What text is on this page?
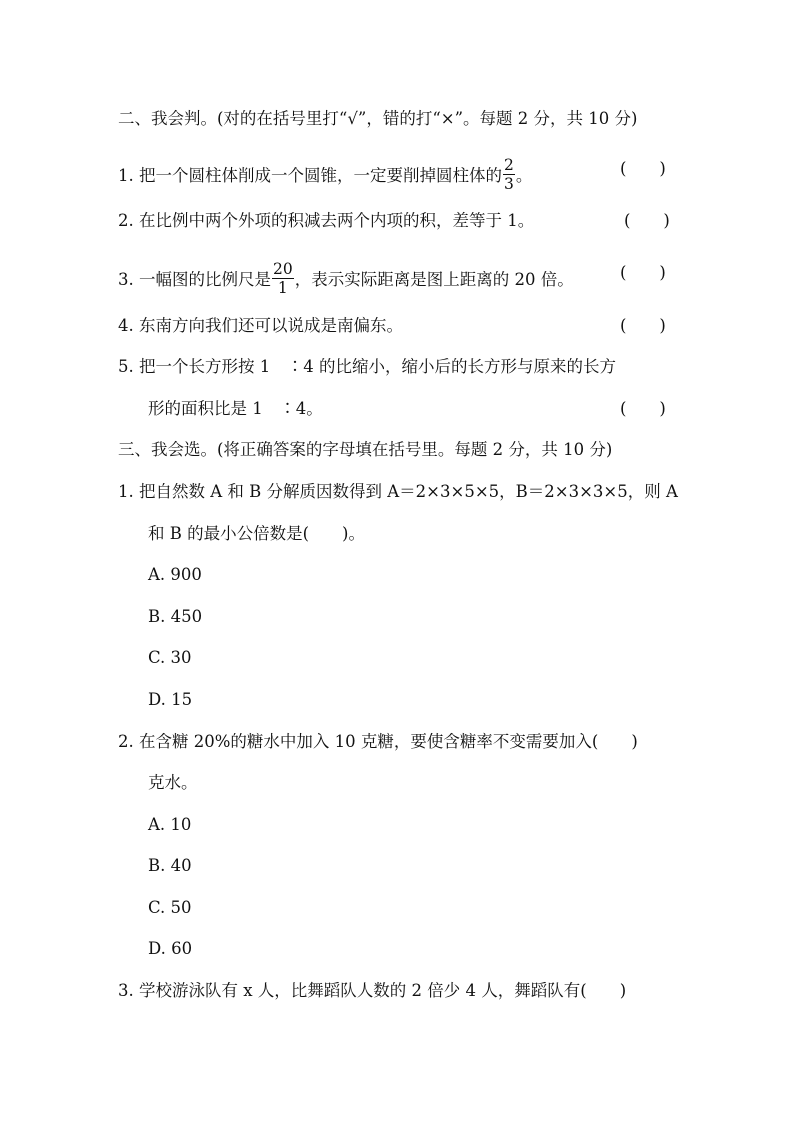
二、我会判。(对的在括号里打“√”，错的打“×”。每题 2 分，共 10 分)
1. 把一个圆柱体削成一个圆锥，一定要削掉圆柱体的 $\frac{2}{3}$ 。	(　　)
2. 在比例中两个外项的积减去两个内项的积，差等于 1。	(　　)
3. 一幅图的比例尺是 $\frac{20}{1}$ ，表示实际距离是图上距离的 20 倍。	(　　)
4. 东南方向我们还可以说成是南偏东。	(　　)
5. 把一个长方形按 1　∶4 的比缩小，缩小后的长方形与原来的长方
形的面积比是 1　∶4。	(　　)
三、我会选。(将正确答案的字母填在括号里。每题 2 分，共 10 分)
1. 把自然数 A 和 B 分解质因数得到 A＝2×3×5×5，B＝2×3×3×5，则 A
和 B 的最小公倍数是(　　)。
A. 900
B. 450
C. 30
D. 15
2. 在含糖 20%的糖水中加入 10 克糖，要使含糖率不变需要加入(　　)
克水。
A. 10
B. 40
C. 50
D. 60
3. 学校游泳队有 x 人，比舞蹈队人数的 2 倍少 4 人，舞蹈队有(　　)
